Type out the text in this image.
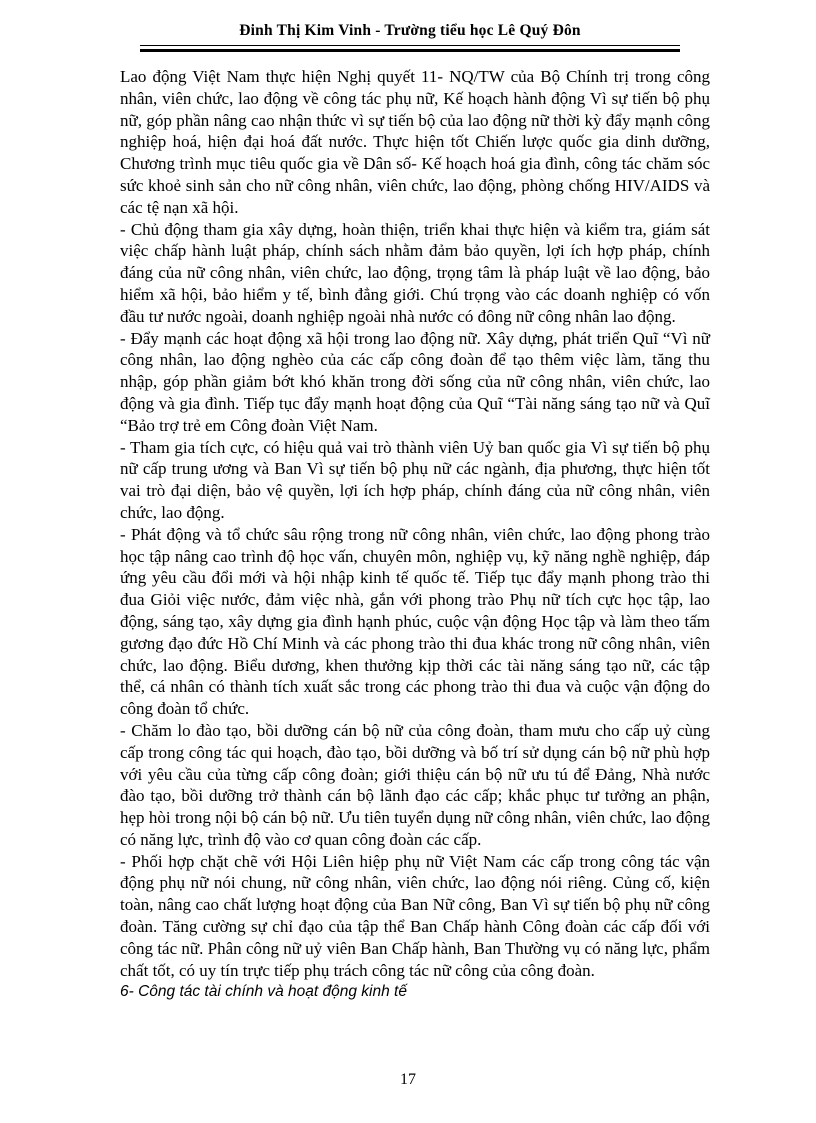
Đinh Thị Kim Vinh - Trường tiểu học Lê Quý Đôn

Lao động Việt Nam thực hiện Nghị quyết 11- NQ/TW của Bộ Chính trị trong công nhân, viên chức, lao động về công tác phụ nữ, Kế hoạch hành động Vì sự tiến bộ phụ nữ, góp phần nâng cao nhận thức vì sự tiến bộ của lao động nữ thời kỳ đẩy mạnh công nghiệp hoá, hiện đại hoá đất nước. Thực hiện tốt Chiến lược quốc gia dinh dưỡng, Chương trình mục tiêu quốc gia về Dân số- Kế hoạch hoá gia đình, công tác chăm sóc sức khoẻ sinh sản cho nữ công nhân, viên chức, lao động, phòng chống HIV/AIDS và các tệ nạn xã hội.

- Chủ động tham gia xây dựng, hoàn thiện, triển khai thực hiện và kiểm tra, giám sát việc chấp hành luật pháp, chính sách nhằm đảm bảo quyền, lợi ích hợp pháp, chính đáng của nữ công nhân, viên chức, lao động, trọng tâm là pháp luật về lao động, bảo hiểm xã hội, bảo hiểm y tế, bình đẳng giới. Chú trọng vào các doanh nghiệp có vốn đầu tư nước ngoài, doanh nghiệp ngoài nhà nước có đông nữ công nhân lao động.

- Đẩy mạnh các hoạt động xã hội trong lao động nữ. Xây dựng, phát triển Quĩ “Vì nữ công nhân, lao động nghèo của các cấp công đoàn để tạo thêm việc làm, tăng thu nhập, góp phần giảm bớt khó khăn trong đời sống của nữ công nhân, viên chức, lao động và gia đình. Tiếp tục đẩy mạnh hoạt động của Quĩ “Tài năng sáng tạo nữ và Quĩ “Bảo trợ trẻ em Công đoàn Việt Nam.

- Tham gia tích cực, có hiệu quả vai trò thành viên Uỷ ban quốc gia Vì sự tiến bộ phụ nữ cấp trung ương và Ban Vì sự tiến bộ phụ nữ các ngành, địa phương, thực hiện tốt vai trò đại diện, bảo vệ quyền, lợi ích hợp pháp, chính đáng của nữ công nhân, viên chức, lao động.

- Phát động và tổ chức sâu rộng trong nữ công nhân, viên chức, lao động phong trào học tập nâng cao trình độ học vấn, chuyên môn, nghiệp vụ, kỹ năng nghề nghiệp, đáp ứng yêu cầu đổi mới và hội nhập kinh tế quốc tế. Tiếp tục đẩy mạnh phong trào thi đua Giỏi việc nước, đảm việc nhà, gắn với phong trào Phụ nữ tích cực học tập, lao động, sáng tạo, xây dựng gia đình hạnh phúc, cuộc vận động Học tập và làm theo tấm gương đạo đức Hồ Chí Minh và các phong trào thi đua khác trong nữ công nhân, viên chức, lao động. Biểu dương, khen thưởng kịp thời các tài năng sáng tạo nữ, các tập thể, cá nhân có thành tích xuất sắc trong các phong trào thi đua và cuộc vận động do công đoàn tổ chức.

- Chăm lo đào tạo, bồi dưỡng cán bộ nữ của công đoàn, tham mưu cho cấp uỷ cùng cấp trong công tác qui hoạch, đào tạo, bồi dưỡng và bố trí sử dụng cán bộ nữ phù hợp với yêu cầu của từng cấp công đoàn; giới thiệu cán bộ nữ ưu tú để Đảng, Nhà nước đào tạo, bồi dưỡng trở thành cán bộ lãnh đạo các cấp; khắc phục tư tưởng an phận, hẹp hòi trong nội bộ cán bộ nữ. Ưu tiên tuyển dụng nữ công nhân, viên chức, lao động có năng lực, trình độ vào cơ quan công đoàn các cấp.

- Phối hợp chặt chẽ với Hội Liên hiệp phụ nữ Việt Nam các cấp trong công tác vận động phụ nữ nói chung, nữ công nhân, viên chức, lao động nói riêng. Củng cố, kiện toàn, nâng cao chất lượng hoạt động của Ban Nữ công, Ban Vì sự tiến bộ phụ nữ công đoàn. Tăng cường sự chỉ đạo của tập thể Ban Chấp hành Công đoàn các cấp đối với công tác nữ. Phân công nữ uỷ viên Ban Chấp hành, Ban Thường vụ có năng lực, phẩm chất tốt, có uy tín trực tiếp phụ trách công tác nữ công của công đoàn.

6- Công tác tài chính và hoạt động kinh tế

17
